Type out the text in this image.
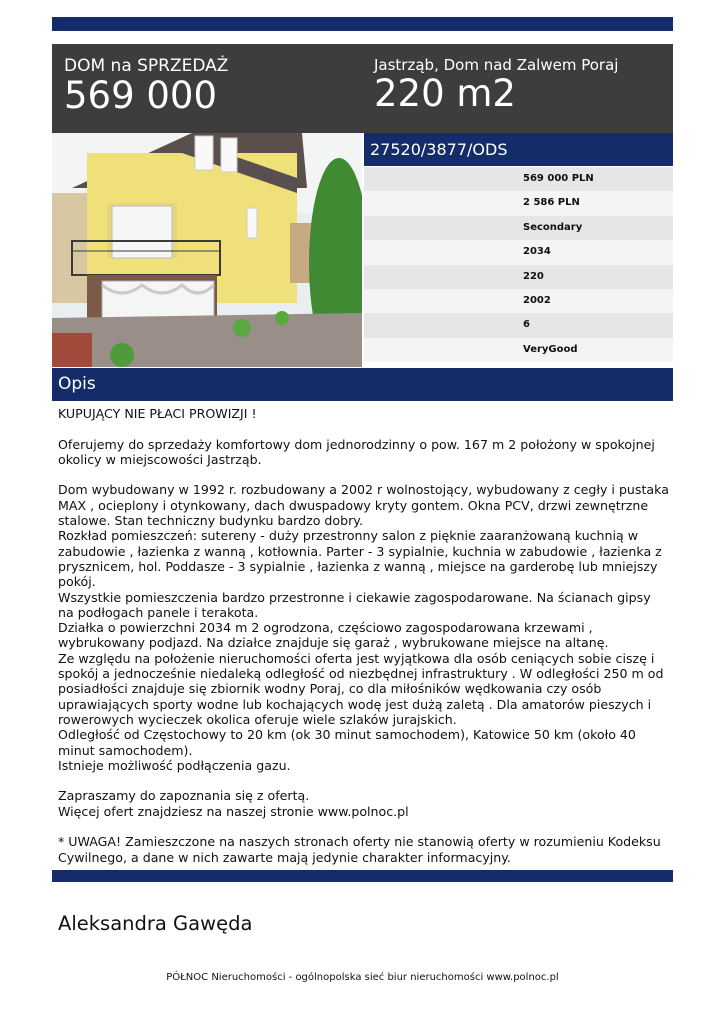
DOM na SPRZEDAŻ
569 000
Jastrząb, Dom nad Zalwem Poraj
220 m2
27520/3877/ODS
569 000 PLN
2 586 PLN
Secondary
2034
220
2002
6
VeryGood
Opis

KUPUJĄCY NIE PŁACI PROWIZJI !

Oferujemy do sprzedaży komfortowy dom jednorodzinny o pow. 167 m 2 położony w spokojnej okolicy w miejscowości Jastrząb.

Dom wybudowany w 1992 r. rozbudowany a 2002 r wolnostojący, wybudowany z cegły i pustaka MAX , ocieplony i otynkowany, dach dwuspadowy kryty gontem. Okna PCV, drzwi zewnętrzne stalowe. Stan techniczny budynku bardzo dobry.

Rozkład pomieszczeń: sutereny - duży przestronny salon z pięknie zaaranżowaną kuchnią w zabudowie , łazienka z wanną , kotłownia. Parter - 3 sypialnie, kuchnia w zabudowie , łazienka z prysznicem, hol. Poddasze - 3 sypialnie , łazienka z wanną , miejsce na garderobę lub mniejszy pokój.

Wszystkie pomieszczenia bardzo przestronne i ciekawie zagospodarowane. Na ścianach gipsy na podłogach panele i terakota.

Działka o powierzchni 2034 m 2 ogrodzona, częściowo zagospodarowana krzewami , wybrukowany podjazd. Na działce znajduje się garaż , wybrukowane miejsce na altanę.

Ze względu na położenie nieruchomości oferta jest wyjątkowa dla osób ceniących sobie ciszę i spokój a jednocześnie niedaleką odległość od niezbędnej infrastruktury . W odległości 250 m od posiadłości znajduje się zbiornik wodny Poraj, co dla miłośników wędkowania czy osób uprawiających sporty wodne lub kochających wodę jest dużą zaletą . Dla amatorów pieszych i rowerowych wycieczek okolica oferuje wiele szlaków jurajskich.

Odległość od Częstochowy to 20 km (ok 30 minut samochodem), Katowice 50 km (około 40 minut samochodem).

Istnieje możliwość podłączenia gazu.

Zapraszamy do zapoznania się z ofertą.

Więcej ofert znajdziesz na naszej stronie www.polnoc.pl

* UWAGA! Zamieszczone na naszych stronach oferty nie stanowią oferty w rozumieniu Kodeksu Cywilnego, a dane w nich zawarte mają jedynie charakter informacyjny.

Aleksandra Gawęda
PÓŁNOC Nieruchomości - ogólnopolska sieć biur nieruchomości www.polnoc.pl
